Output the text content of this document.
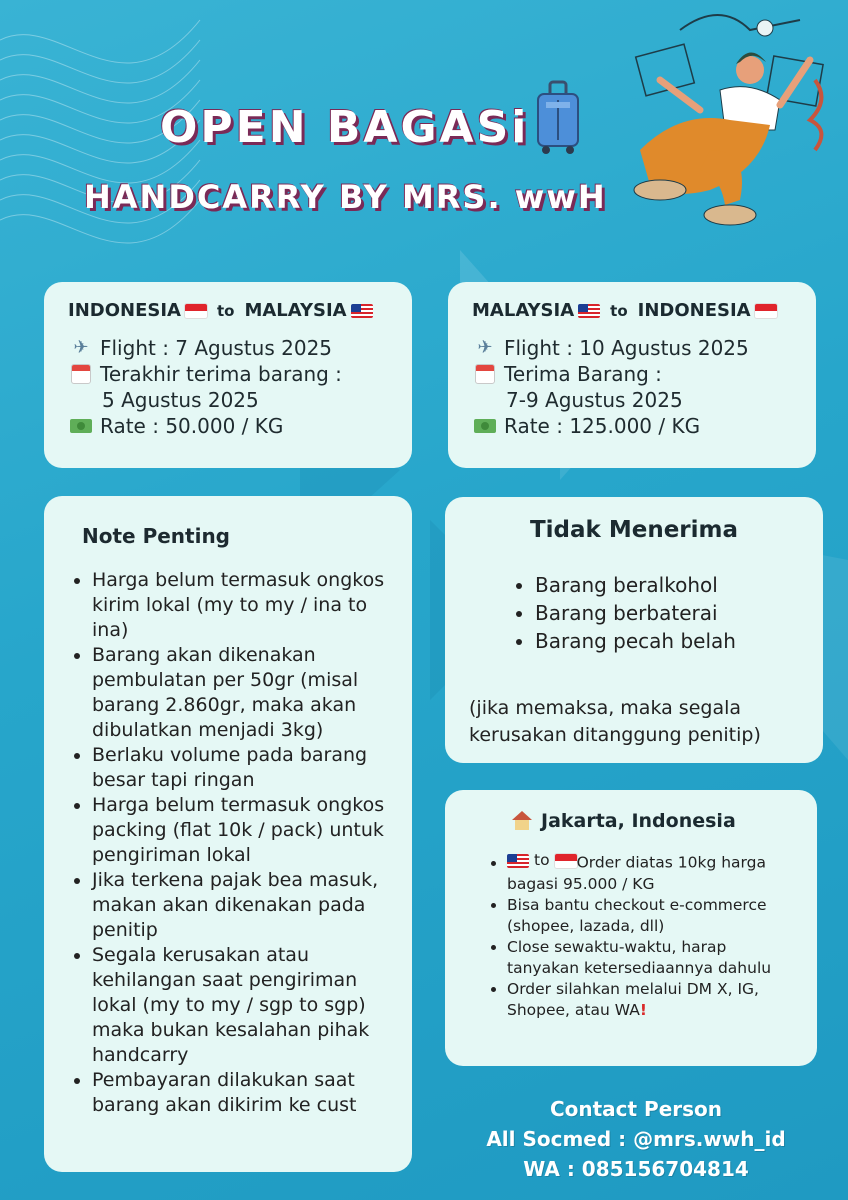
OPEN BAGASi
HANDCARRY BY MRS. wwH
INDONESIA to MALAYSIA
✈ Flight : 7 Agustus 2025
Terakhir terima barang :
5 Agustus 2025
Rate : 50.000 / KG
MALAYSIA to INDONESIA
✈ Flight : 10 Agustus 2025
Terima Barang :
7-9 Agustus 2025
Rate : 125.000 / KG
Note Penting
• Harga belum termasuk ongkos kirim lokal (my to my / ina to ina)
• Barang akan dikenakan pembulatan per 50gr (misal barang 2.860gr, maka akan dibulatkan menjadi 3kg)
• Berlaku volume pada barang besar tapi ringan
• Harga belum termasuk ongkos packing (flat 10k / pack) untuk pengiriman lokal
• Jika terkena pajak bea masuk, makan akan dikenakan pada penitip
• Segala kerusakan atau kehilangan saat pengiriman lokal (my to my / sgp to sgp) maka bukan kesalahan pihak handcarry
• Pembayaran dilakukan saat barang akan dikirim ke cust
Tidak Menerima
• Barang beralkohol
• Barang berbaterai
• Barang pecah belah
(jika memaksa, maka segala kerusakan ditanggung penitip)
Jakarta, Indonesia
• to Order diatas 10kg harga bagasi 95.000 / KG
• Bisa bantu checkout e-commerce (shopee, lazada, dll)
• Close sewaktu-waktu, harap tanyakan ketersediaannya dahulu
• Order silahkan melalui DM X, IG, Shopee, atau WA!
Contact Person
All Socmed : @mrs.wwh_id
WA : 085156704814
